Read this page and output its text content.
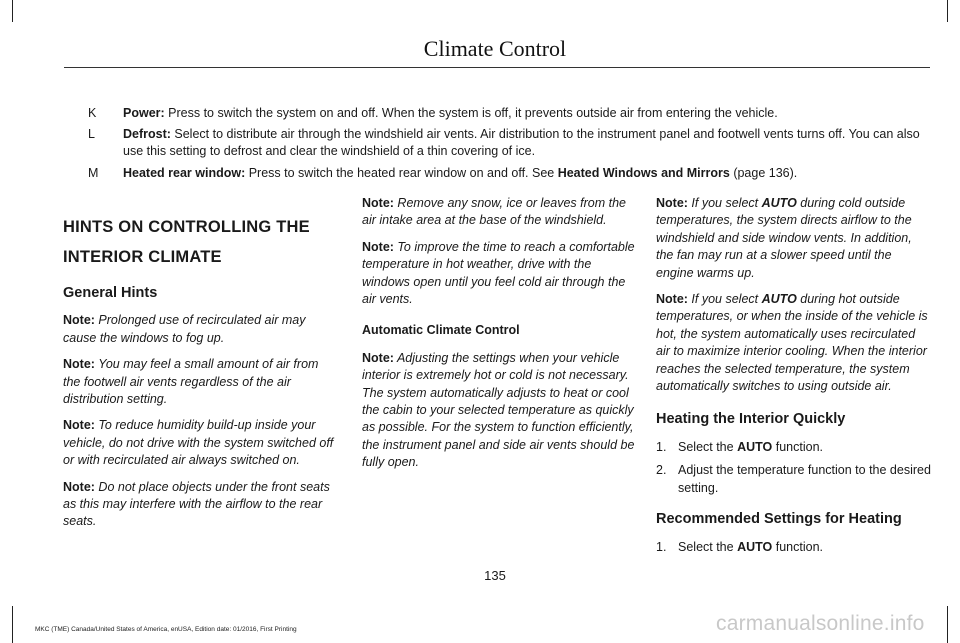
Climate Control
K	Power: Press to switch the system on and off. When the system is off, it prevents outside air from entering the vehicle.
L	Defrost: Select to distribute air through the windshield air vents. Air distribution to the instrument panel and footwell vents turns off. You can also use this setting to defrost and clear the windshield of a thin covering of ice.
M	Heated rear window: Press to switch the heated rear window on and off. See Heated Windows and Mirrors (page 136).
HINTS ON CONTROLLING THE
INTERIOR CLIMATE
General Hints

Note: Prolonged use of recirculated air may cause the windows to fog up.

Note: You may feel a small amount of air from the footwell air vents regardless of the air distribution setting.

Note: To reduce humidity build-up inside your vehicle, do not drive with the system switched off or with recirculated air always switched on.

Note: Do not place objects under the front seats as this may interfere with the airflow to the rear seats.

Note: Remove any snow, ice or leaves from the air intake area at the base of the windshield.

Note: To improve the time to reach a comfortable temperature in hot weather, drive with the windows open until you feel cold air through the air vents.

Automatic Climate Control

Note: Adjusting the settings when your vehicle interior is extremely hot or cold is not necessary. The system automatically adjusts to heat or cool the cabin to your selected temperature as quickly as possible. For the system to function efficiently, the instrument panel and side air vents should be fully open.

Note: If you select AUTO during cold outside temperatures, the system directs airflow to the windshield and side window vents. In addition, the fan may run at a slower speed until the engine warms up.

Note: If you select AUTO during hot outside temperatures, or when the inside of the vehicle is hot, the system automatically uses recirculated air to maximize interior cooling. When the interior reaches the selected temperature, the system automatically switches to using outside air.

Heating the Interior Quickly
1. Select the AUTO function.
2. Adjust the temperature function to the desired setting.
Recommended Settings for Heating
1. Select the AUTO function.
135
MKC (TME) Canada/United States of America, enUSA, Edition date: 01/2016, First Printing	carmanualsonline.info
